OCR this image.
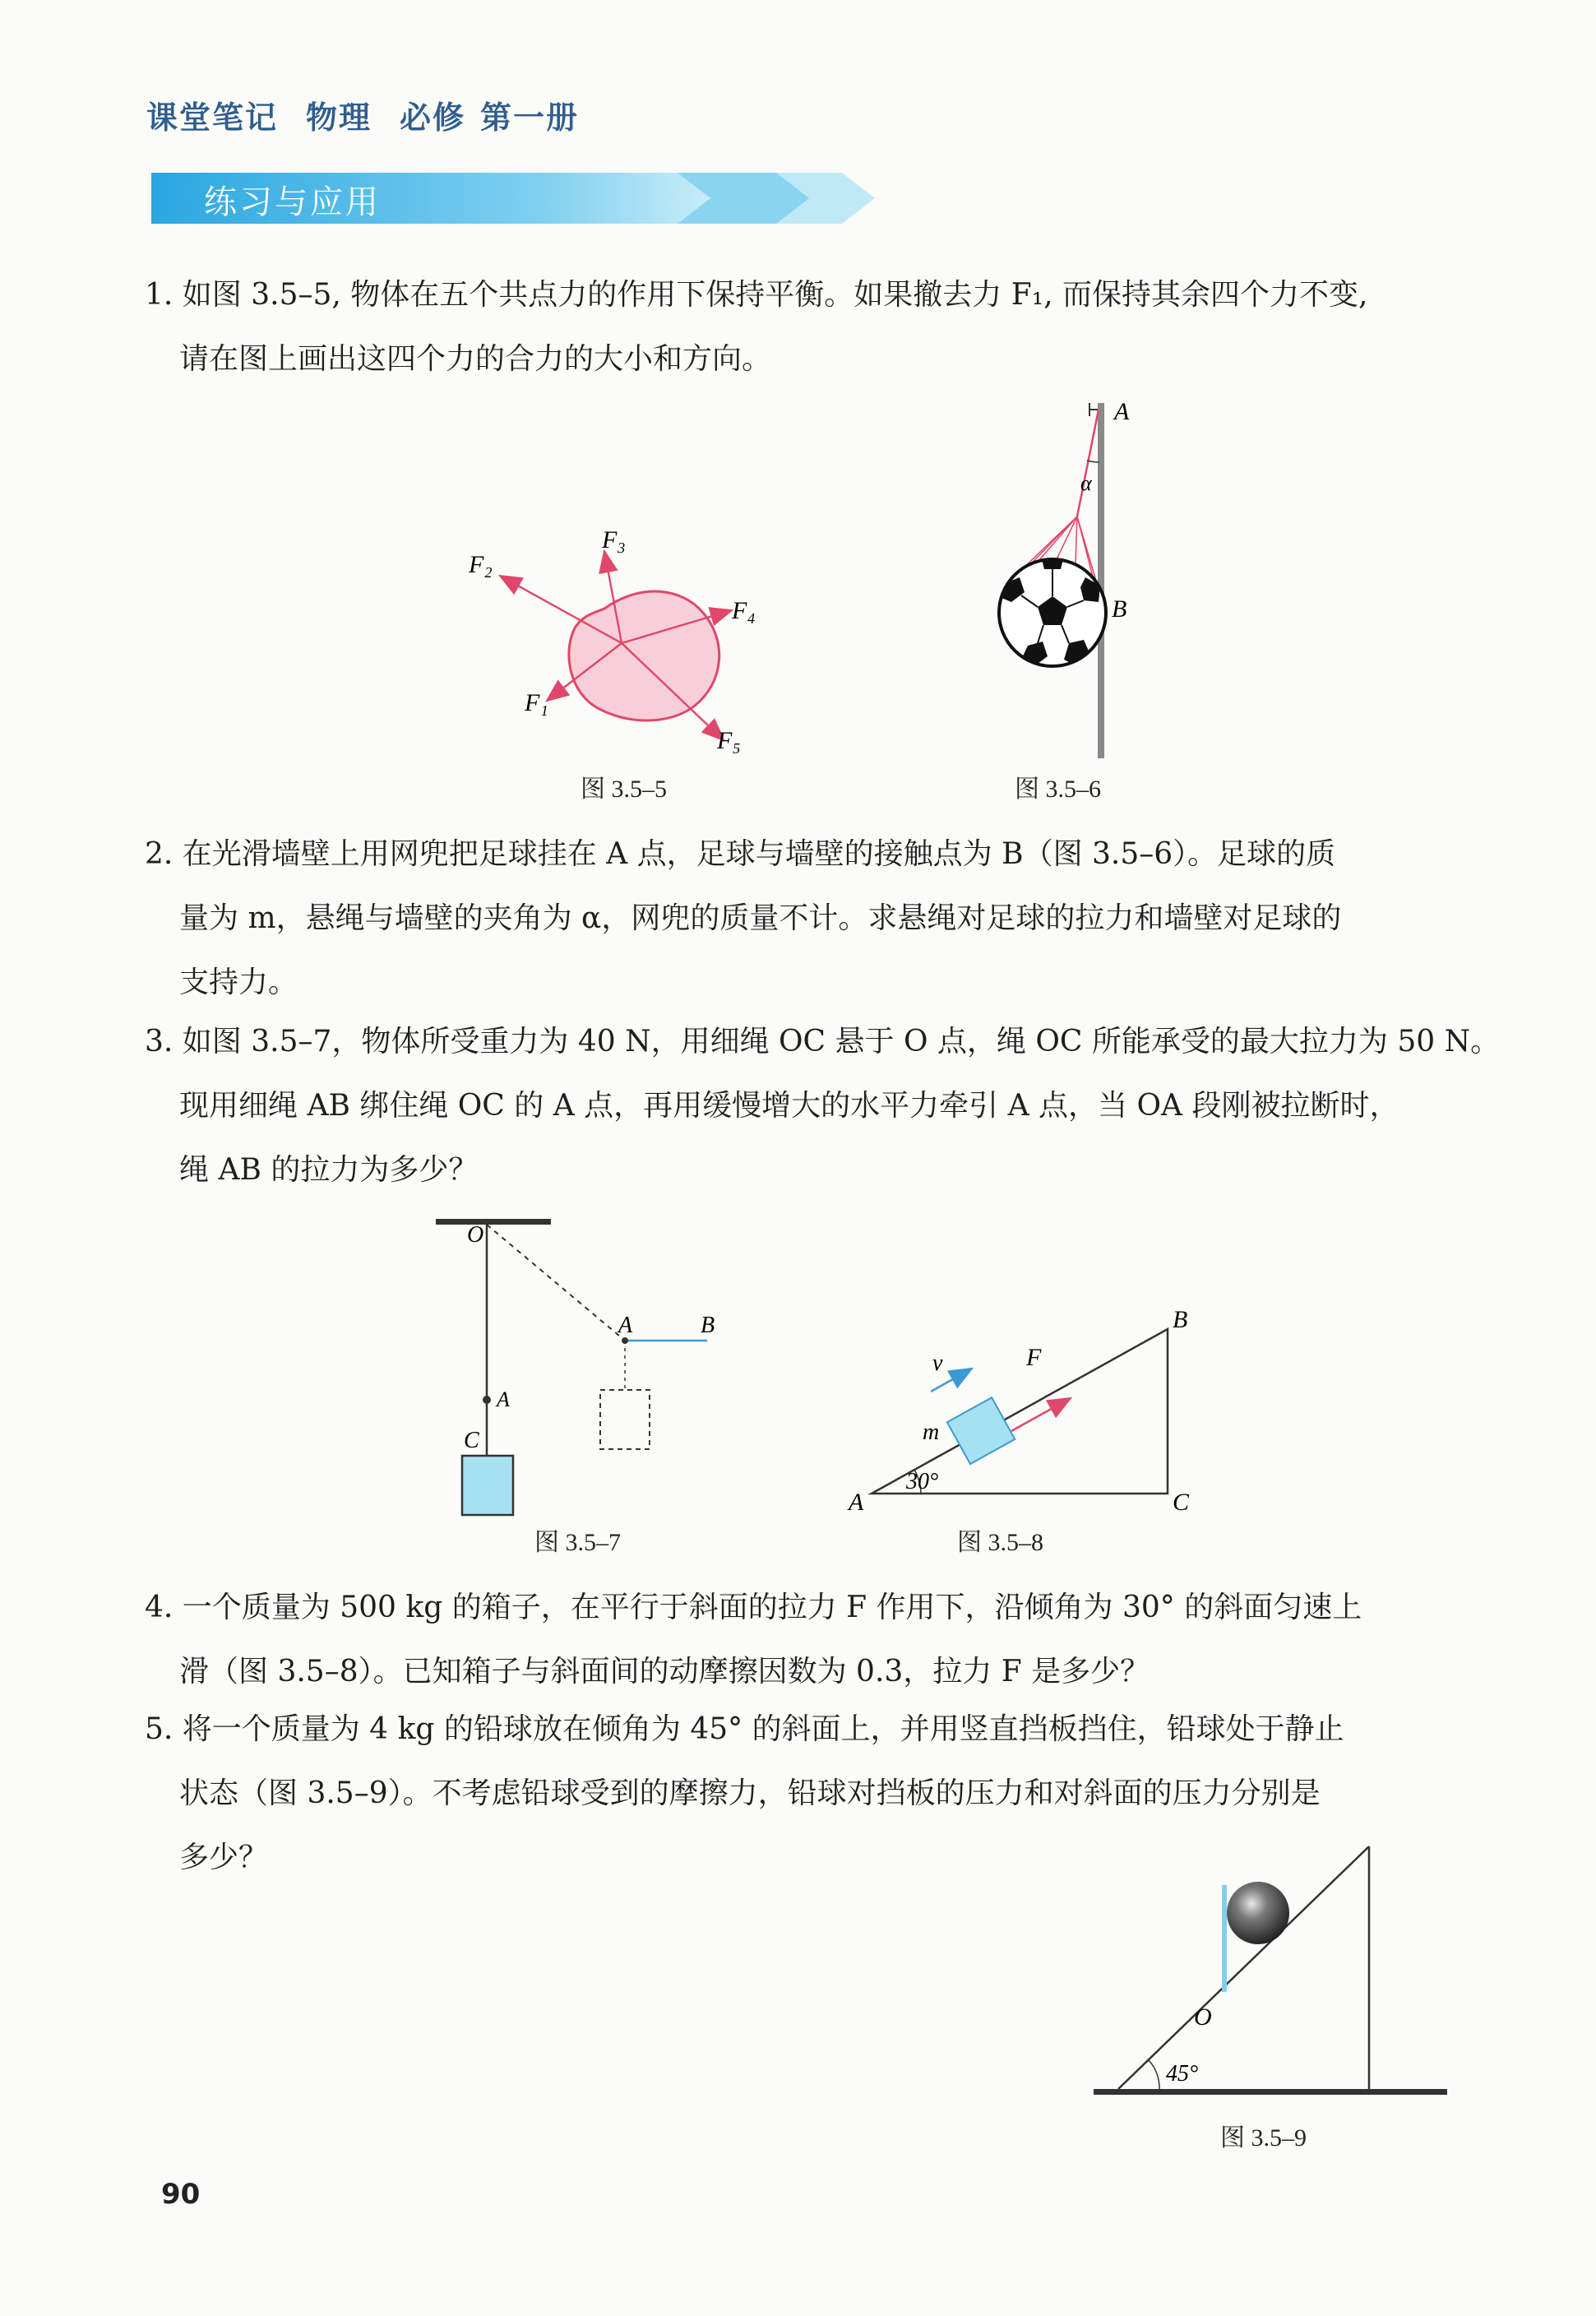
课堂笔记 物理 必修 第一册
练习与应用
1. 如图 3.5–5, 物体在五个共点力的作用下保持平衡。如果撤去力 F₁, 而保持其余四个力不变,
请在图上画出这四个力的合力的大小和方向。
F₂
F₃
F₄
F₁
F₅
图 3.5–5
A
α
B
图 3.5–6
2. 在光滑墙壁上用网兜把足球挂在 A 点，足球与墙壁的接触点为 B（图 3.5–6）。足球的质
量为 m，悬绳与墙壁的夹角为 α，网兜的质量不计。求悬绳对足球的拉力和墙壁对足球的
支持力。
3. 如图 3.5–7，物体所受重力为 40 N，用细绳 OC 悬于 O 点，绳 OC 所能承受的最大拉力为 50 N。
现用细绳 AB 绑住绳 OC 的 A 点，再用缓慢增大的水平力牵引 A 点，当 OA 段刚被拉断时，
绳 AB 的拉力为多少？
O
A
C
A	B
图 3.5–7
A
B
C
v	F
m
30°
图 3.5–8
4. 一个质量为 500 kg 的箱子，在平行于斜面的拉力 F 作用下，沿倾角为 30° 的斜面匀速上
滑（图 3.5–8）。已知箱子与斜面间的动摩擦因数为 0.3，拉力 F 是多少？
5. 将一个质量为 4 kg 的铅球放在倾角为 45° 的斜面上，并用竖直挡板挡住，铅球处于静止
状态（图 3.5–9）。不考虑铅球受到的摩擦力，铅球对挡板的压力和对斜面的压力分别是
多少？
O
45°
图 3.5–9
90
